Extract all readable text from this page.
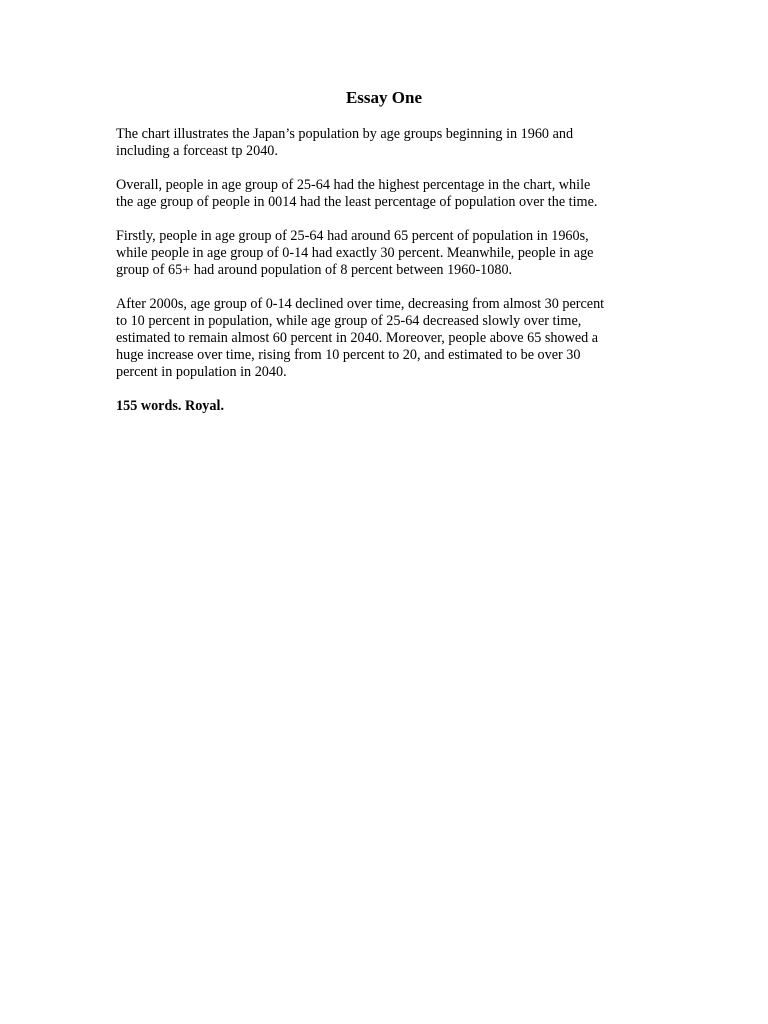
Essay One

The chart illustrates the Japan’s population by age groups beginning in 1960 and
including a forceast tp 2040.

Overall, people in age group of 25-64 had the highest percentage in the chart, while
the age group of people in 0014 had the least percentage of population over the time.

Firstly, people in age group of 25-64 had around 65 percent of population in 1960s,
while people in age group of 0-14 had exactly 30 percent. Meanwhile, people in age
group of 65+ had around population of 8 percent between 1960-1080.

After 2000s, age group of 0-14 declined over time, decreasing from almost 30 percent
to 10 percent in population, while age group of 25-64 decreased slowly over time,
estimated to remain almost 60 percent in 2040. Moreover, people above 65 showed a
huge increase over time, rising from 10 percent to 20, and estimated to be over 30
percent in population in 2040.

155 words. Royal.
